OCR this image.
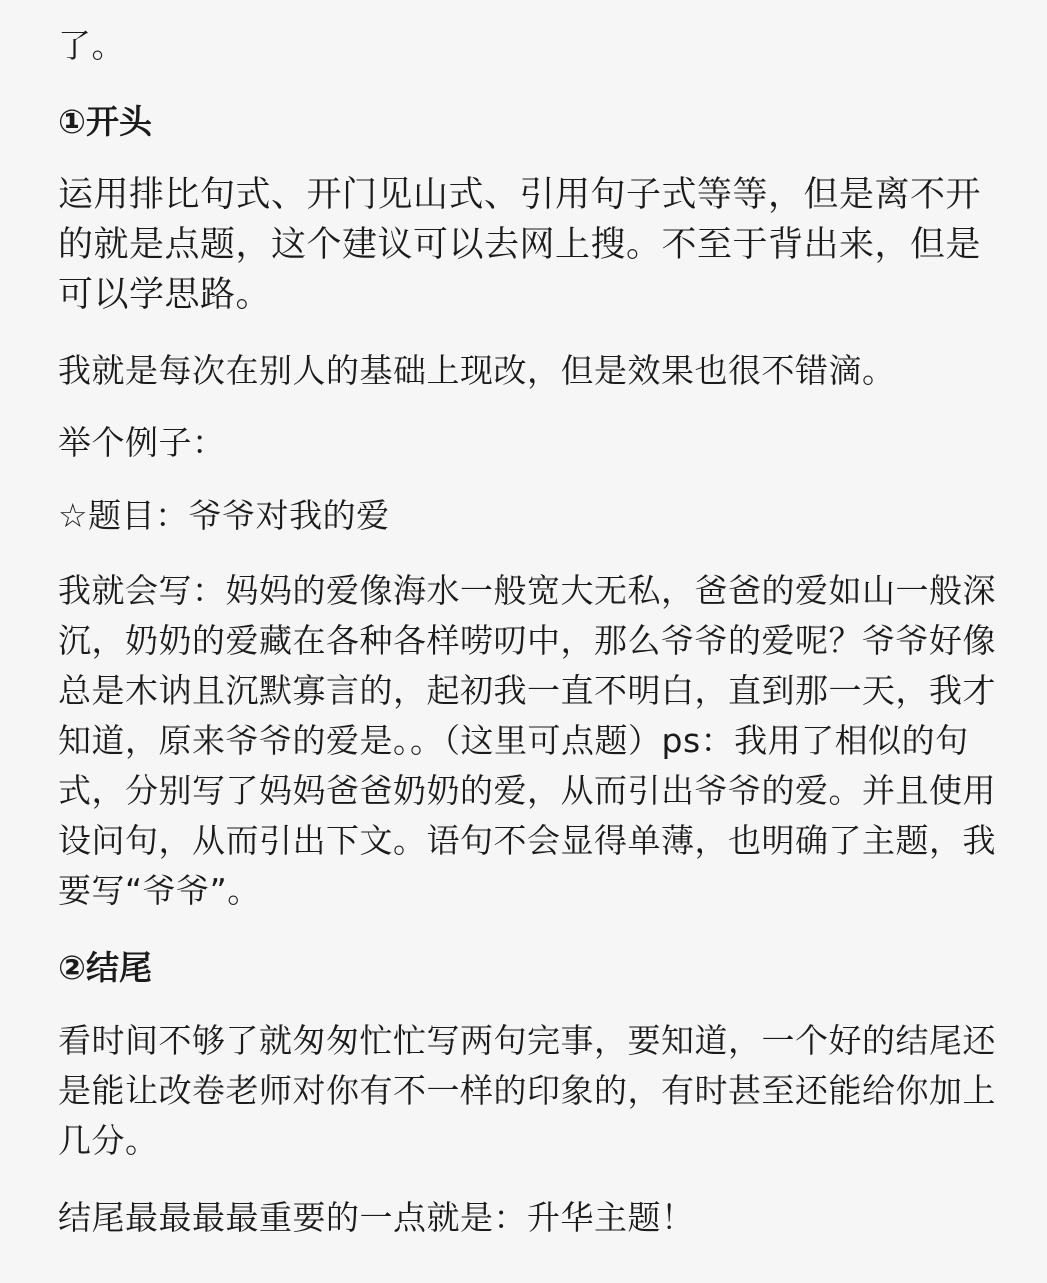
了。

①开头

运用排比句式、开门见山式、引用句子式等等，但是离不开的就是点题，这个建议可以去网上搜。不至于背出来，但是可以学思路。

我就是每次在别人的基础上现改，但是效果也很不错滴。

举个例子：

☆题目：爷爷对我的爱

我就会写：妈妈的爱像海水一般宽大无私，爸爸的爱如山一般深沉，奶奶的爱藏在各种各样唠叨中，那么爷爷的爱呢？爷爷好像总是木讷且沉默寡言的，起初我一直不明白，直到那一天，我才知道，原来爷爷的爱是。。（这里可点题）ps：我用了相似的句式，分别写了妈妈爸爸奶奶的爱，从而引出爷爷的爱。并且使用设问句，从而引出下文。语句不会显得单薄，也明确了主题，我要写“爷爷”。

②结尾

看时间不够了就匆匆忙忙写两句完事，要知道，一个好的结尾还是能让改卷老师对你有不一样的印象的，有时甚至还能给你加上几分。

结尾最最最最重要的一点就是：升华主题！
